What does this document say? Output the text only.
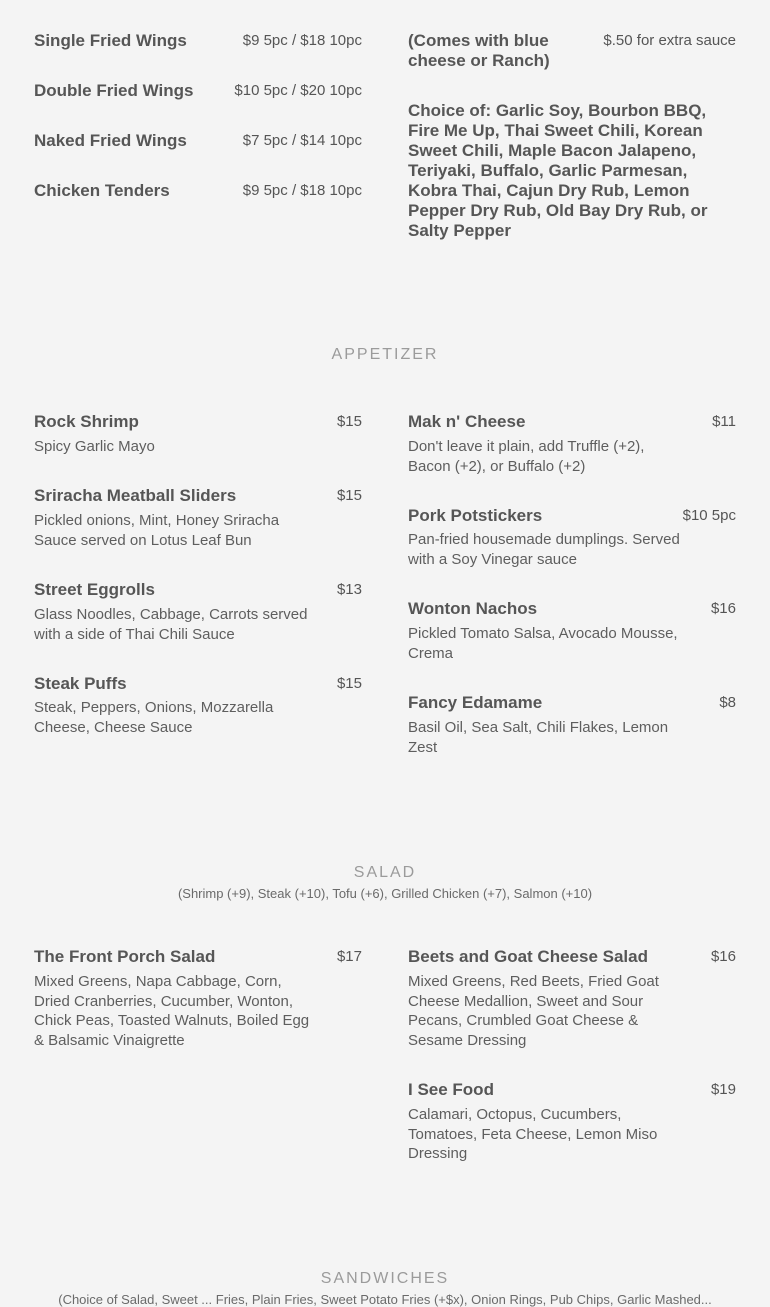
Single Fried Wings	$9 5pc / $18 10pc
Double Fried Wings	$10 5pc / $20 10pc
Naked Fried Wings	$7 5pc / $14 10pc
Chicken Tenders	$9 5pc / $18 10pc
(Comes with blue cheese or Ranch)
$.50 for extra sauce
Choice of: Garlic Soy, Bourbon BBQ, Fire Me Up, Thai Sweet Chili, Korean Sweet Chili, Maple Bacon Jalapeno, Teriyaki, Buffalo, Garlic Parmesan, Kobra Thai, Cajun Dry Rub, Lemon Pepper Dry Rub, Old Bay Dry Rub, or Salty Pepper
APPETIZER
Rock Shrimp	$15
Spicy Garlic Mayo
Sriracha Meatball Sliders	$15
Pickled onions, Mint, Honey Sriracha Sauce served on Lotus Leaf Bun
Street Eggrolls	$13
Glass Noodles, Cabbage, Carrots served with a side of Thai Chili Sauce
Steak Puffs	$15
Steak, Peppers, Onions, Mozzarella Cheese, Cheese Sauce
Mak n' Cheese	$11
Don't leave it plain, add Truffle (+2), Bacon (+2), or Buffalo (+2)
Pork Potstickers	$10 5pc
Pan-fried housemade dumplings. Served with a Soy Vinegar sauce
Wonton Nachos	$16
Pickled Tomato Salsa, Avocado Mousse, Crema
Fancy Edamame	$8
Basil Oil, Sea Salt, Chili Flakes, Lemon Zest
SALAD
(Shrimp (+9), Steak (+10), Tofu (+6), Grilled Chicken (+7), Salmon (+10)
The Front Porch Salad	$17
Mixed Greens, Napa Cabbage, Corn, Dried Cranberries, Cucumber, Wonton, Chick Peas, Toasted Walnuts, Boiled Egg & Balsamic Vinaigrette
Beets and Goat Cheese Salad	$16
Mixed Greens, Red Beets, Fried Goat Cheese Medallion, Sweet and Sour Pecans, Crumbled Goat Cheese & Sesame Dressing
I See Food	$19
Calamari, Octopus, Cucumbers, Tomatoes, Feta Cheese, Lemon Miso Dressing
SANDWICHES
(Choice of Salad, Sweet ... Fries, Plain Fries, Sweet Potato Fries (+$x), Onion Rings, Pub Chips, Garlic Mashed...
